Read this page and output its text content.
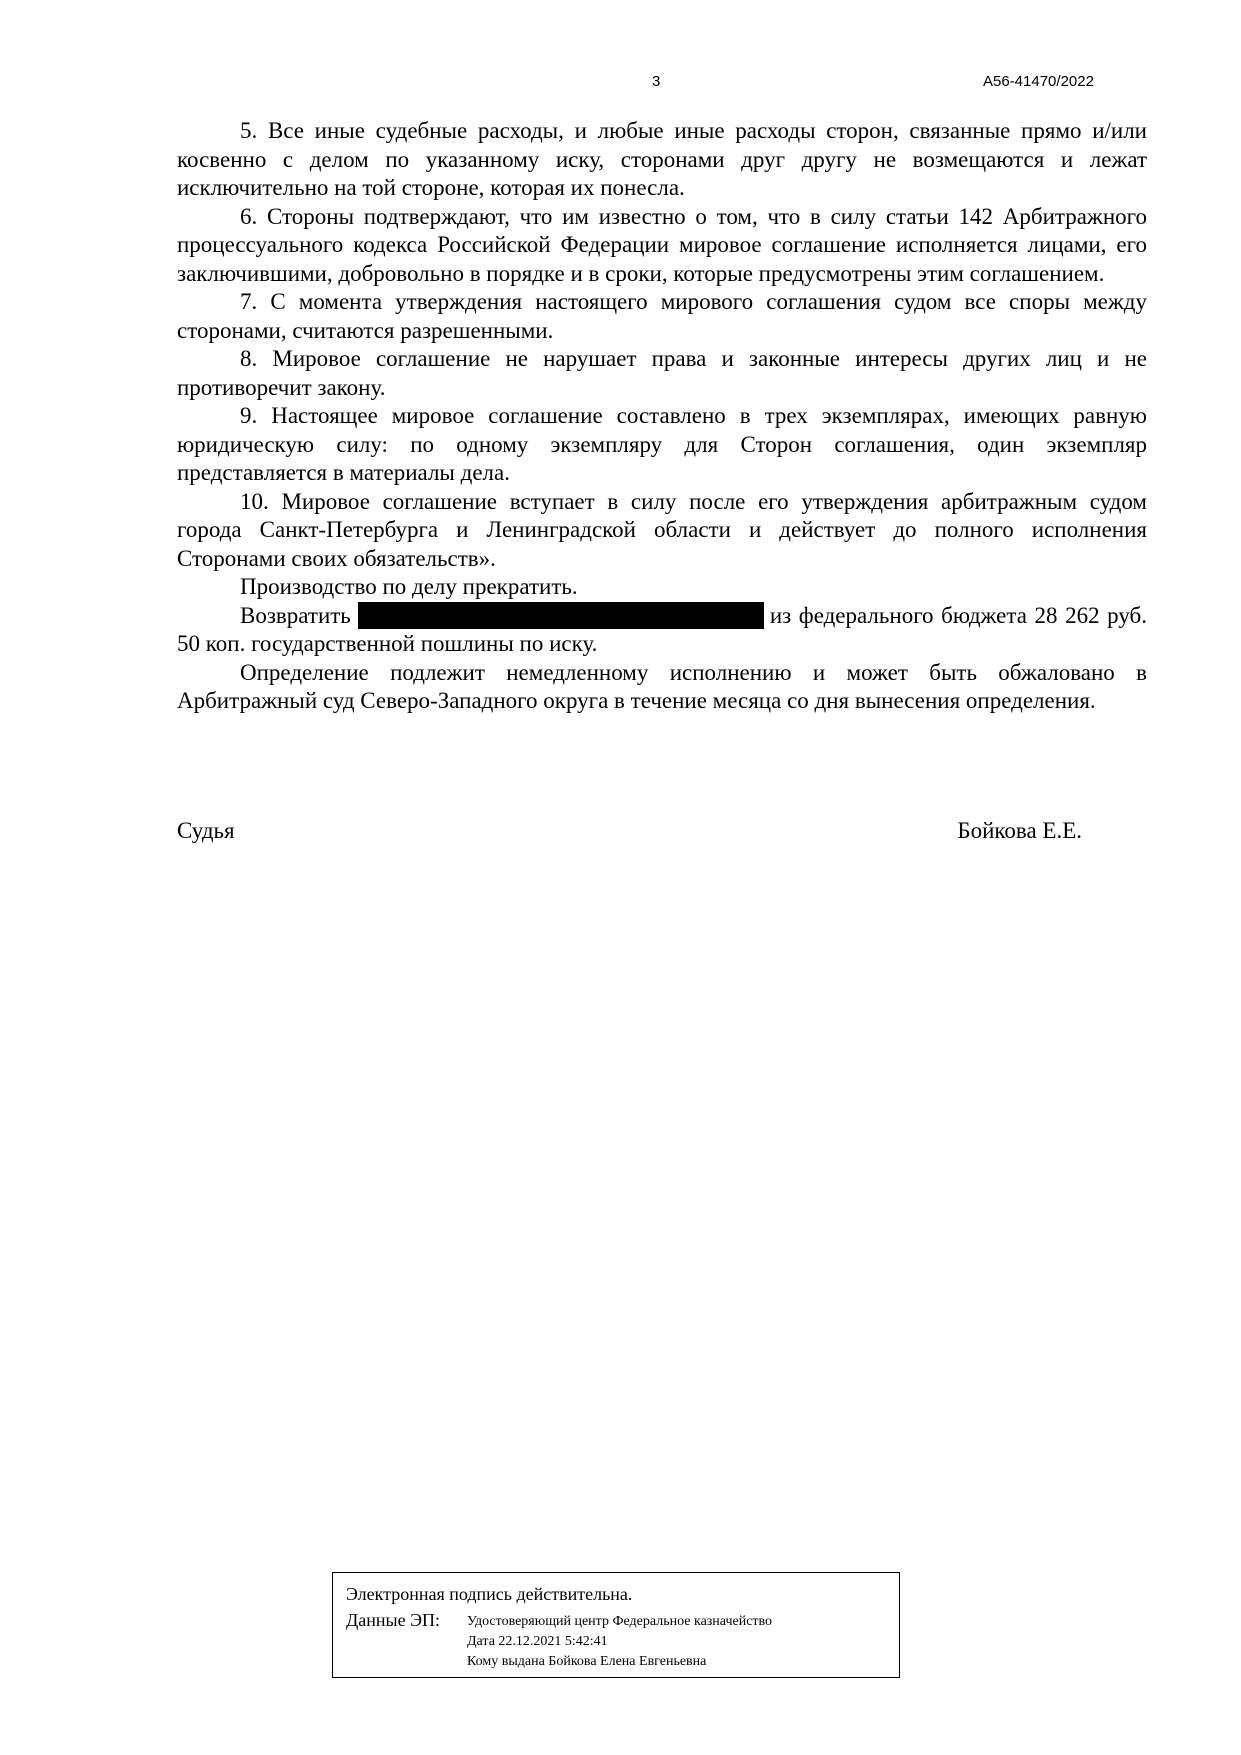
3	А56-41470/2022

5. Все иные судебные расходы, и любые иные расходы сторон, связанные прямо и/или косвенно с делом по указанному иску, сторонами друг другу не возмещаются и лежат исключительно на той стороне, которая их понесла.

6. Стороны подтверждают, что им известно о том, что в силу статьи 142 Арбитражного процессуального кодекса Российской Федерации мировое соглашение исполняется лицами, его заключившими, добровольно в порядке и в сроки, которые предусмотрены этим соглашением.

7. С момента утверждения настоящего мирового соглашения судом все споры между сторонами, считаются разрешенными.

8. Мировое соглашение не нарушает права и законные интересы других лиц и не противоречит закону.

9. Настоящее мировое соглашение составлено в трех экземплярах, имеющих равную юридическую силу: по одному экземпляру для Сторон соглашения, один экземпляр представляется в материалы дела.

10. Мировое соглашение вступает в силу после его утверждения арбитражным судом города Санкт-Петербурга и Ленинградской области и действует до полного исполнения Сторонами своих обязательств».

Производство по делу прекратить.

Возвратить	из федерального бюджета 28 262 руб. 50 коп. государственной пошлины по иску.

Определение подлежит немедленному исполнению и может быть обжаловано в Арбитражный суд Северо-Западного округа в течение месяца со дня вынесения определения.

Судья	Бойкова Е.Е.
Электронная подпись действительна.
Данные ЭП: Удостоверяющий центр Федеральное казначейство
Дата 22.12.2021 5:42:41
Кому выдана Бойкова Елена Евгеньевна
